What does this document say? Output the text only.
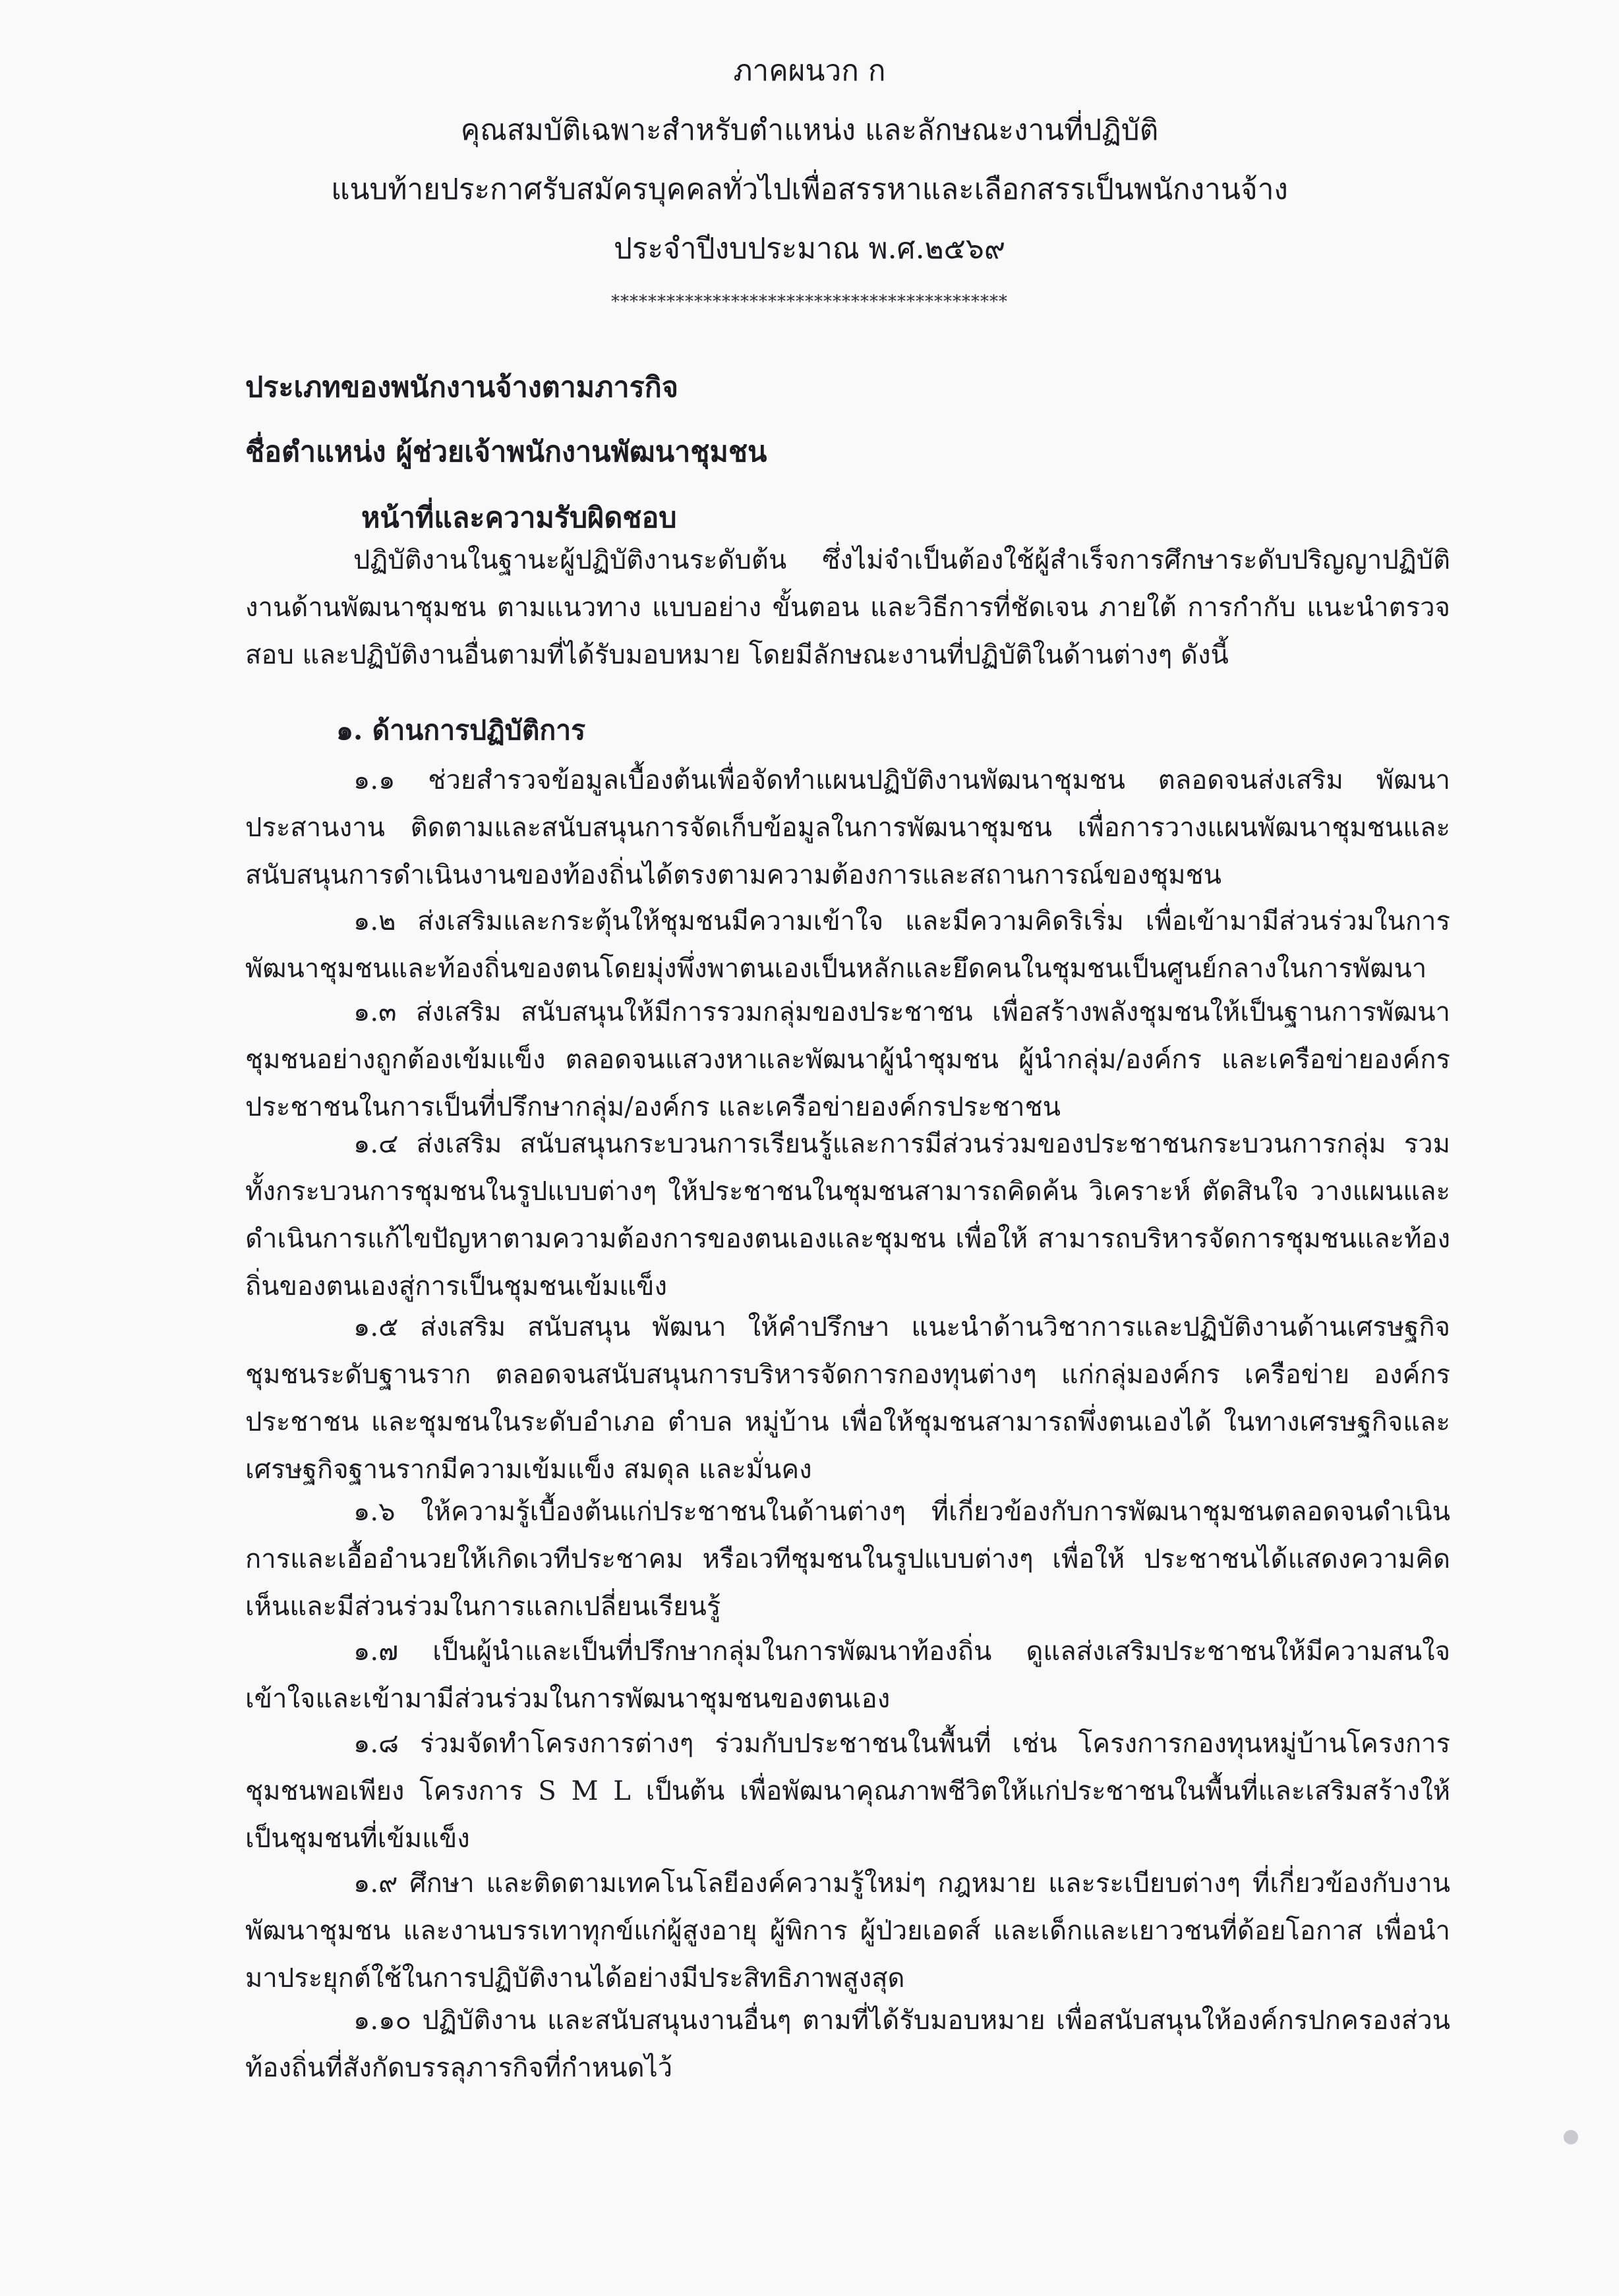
ภาคผนวก ก
คุณสมบัติเฉพาะสำหรับตำแหน่ง และลักษณะงานที่ปฏิบัติ
แนบท้ายประกาศรับสมัครบุคคลทั่วไปเพื่อสรรหาและเลือกสรรเป็นพนักงานจ้าง
ประจำปีงบประมาณ พ.ศ.๒๕๖๙
*******************************************
ประเภทของพนักงานจ้างตามภารกิจ
ชื่อตำแหน่ง ผู้ช่วยเจ้าพนักงานพัฒนาชุมชน
หน้าที่และความรับผิดชอบ

ปฏิบัติงานในฐานะผู้ปฏิบัติงานระดับต้น ซึ่งไม่จำเป็นต้องใช้ผู้สำเร็จการศึกษาระดับปริญญาปฏิบัติงานด้านพัฒนาชุมชน ตามแนวทาง แบบอย่าง ขั้นตอน และวิธีการที่ชัดเจน ภายใต้ การกำกับ แนะนำตรวจสอบ และปฏิบัติงานอื่นตามที่ได้รับมอบหมาย โดยมีลักษณะงานที่ปฏิบัติในด้านต่างๆ ดังนี้

๑. ด้านการปฏิบัติการ

๑.๑ ช่วยสำรวจข้อมูลเบื้องต้นเพื่อจัดทำแผนปฏิบัติงานพัฒนาชุมชน ตลอดจนส่งเสริม พัฒนาประสานงาน ติดตามและสนับสนุนการจัดเก็บข้อมูลในการพัฒนาชุมชน เพื่อการวางแผนพัฒนาชุมชนและสนับสนุนการดำเนินงานของท้องถิ่นได้ตรงตามความต้องการและสถานการณ์ของชุมชน

๑.๒ ส่งเสริมและกระตุ้นให้ชุมชนมีความเข้าใจ และมีความคิดริเริ่ม เพื่อเข้ามามีส่วนร่วมในการพัฒนาชุมชนและท้องถิ่นของตนโดยมุ่งพึ่งพาตนเองเป็นหลักและยึดคนในชุมชนเป็นศูนย์กลางในการพัฒนา

๑.๓ ส่งเสริม สนับสนุนให้มีการรวมกลุ่มของประชาชน เพื่อสร้างพลังชุมชนให้เป็นฐานการพัฒนาชุมชนอย่างถูกต้องเข้มแข็ง ตลอดจนแสวงหาและพัฒนาผู้นำชุมชน ผู้นำกลุ่ม/องค์กร และเครือข่ายองค์กรประชาชนในการเป็นที่ปรึกษากลุ่ม/องค์กร และเครือข่ายองค์กรประชาชน

๑.๔ ส่งเสริม สนับสนุนกระบวนการเรียนรู้และการมีส่วนร่วมของประชาชนกระบวนการกลุ่ม รวมทั้งกระบวนการชุมชนในรูปแบบต่างๆ ให้ประชาชนในชุมชนสามารถคิดค้น วิเคราะห์ ตัดสินใจ วางแผนและดำเนินการแก้ไขปัญหาตามความต้องการของตนเองและชุมชน เพื่อให้ สามารถบริหารจัดการชุมชนและท้องถิ่นของตนเองสู่การเป็นชุมชนเข้มแข็ง

๑.๕ ส่งเสริม สนับสนุน พัฒนา ให้คำปรึกษา แนะนำด้านวิชาการและปฏิบัติงานด้านเศรษฐกิจชุมชนระดับฐานราก ตลอดจนสนับสนุนการบริหารจัดการกองทุนต่างๆ แก่กลุ่มองค์กร เครือข่าย องค์กรประชาชน และชุมชนในระดับอำเภอ ตำบล หมู่บ้าน เพื่อให้ชุมชนสามารถพึ่งตนเองได้ ในทางเศรษฐกิจและเศรษฐกิจฐานรากมีความเข้มแข็ง สมดุล และมั่นคง

๑.๖ ให้ความรู้เบื้องต้นแก่ประชาชนในด้านต่างๆ ที่เกี่ยวข้องกับการพัฒนาชุมชนตลอดจนดำเนินการและเอื้ออำนวยให้เกิดเวทีประชาคม หรือเวทีชุมชนในรูปแบบต่างๆ เพื่อให้ ประชาชนได้แสดงความคิดเห็นและมีส่วนร่วมในการแลกเปลี่ยนเรียนรู้

๑.๗ เป็นผู้นำและเป็นที่ปรึกษากลุ่มในการพัฒนาท้องถิ่น ดูแลส่งเสริมประชาชนให้มีความสนใจ เข้าใจและเข้ามามีส่วนร่วมในการพัฒนาชุมชนของตนเอง

๑.๘ ร่วมจัดทำโครงการต่างๆ ร่วมกับประชาชนในพื้นที่ เช่น โครงการกองทุนหมู่บ้านโครงการชุมชนพอเพียง โครงการ S M L เป็นต้น เพื่อพัฒนาคุณภาพชีวิตให้แก่ประชาชนในพื้นที่และเสริมสร้างให้เป็นชุมชนที่เข้มแข็ง

๑.๙ ศึกษา และติดตามเทคโนโลยีองค์ความรู้ใหม่ๆ กฎหมาย และระเบียบต่างๆ ที่เกี่ยวข้องกับงานพัฒนาชุมชน และงานบรรเทาทุกข์แก่ผู้สูงอายุ ผู้พิการ ผู้ป่วยเอดส์ และเด็กและเยาวชนที่ด้อยโอกาส เพื่อนำมาประยุกต์ใช้ในการปฏิบัติงานได้อย่างมีประสิทธิภาพสูงสุด

๑.๑๐ ปฏิบัติงาน และสนับสนุนงานอื่นๆ ตามที่ได้รับมอบหมาย เพื่อสนับสนุนให้องค์กรปกครองส่วนท้องถิ่นที่สังกัดบรรลุภารกิจที่กำหนดไว้
